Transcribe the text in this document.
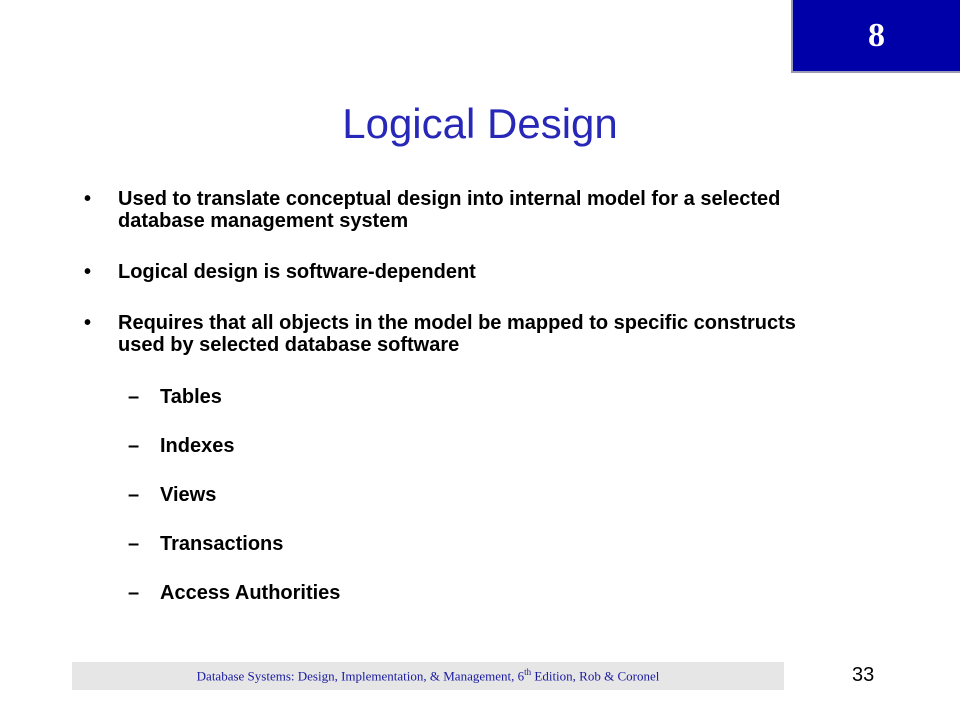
8
Logical Design
• Used to translate conceptual design into internal model for a selected database management system
• Logical design is software-dependent
• Requires that all objects in the model be mapped to specific constructs used by selected database software
– Tables
– Indexes
– Views
– Transactions
– Access Authorities
Database Systems: Design, Implementation, & Management, 6th Edition, Rob & Coronel	33
